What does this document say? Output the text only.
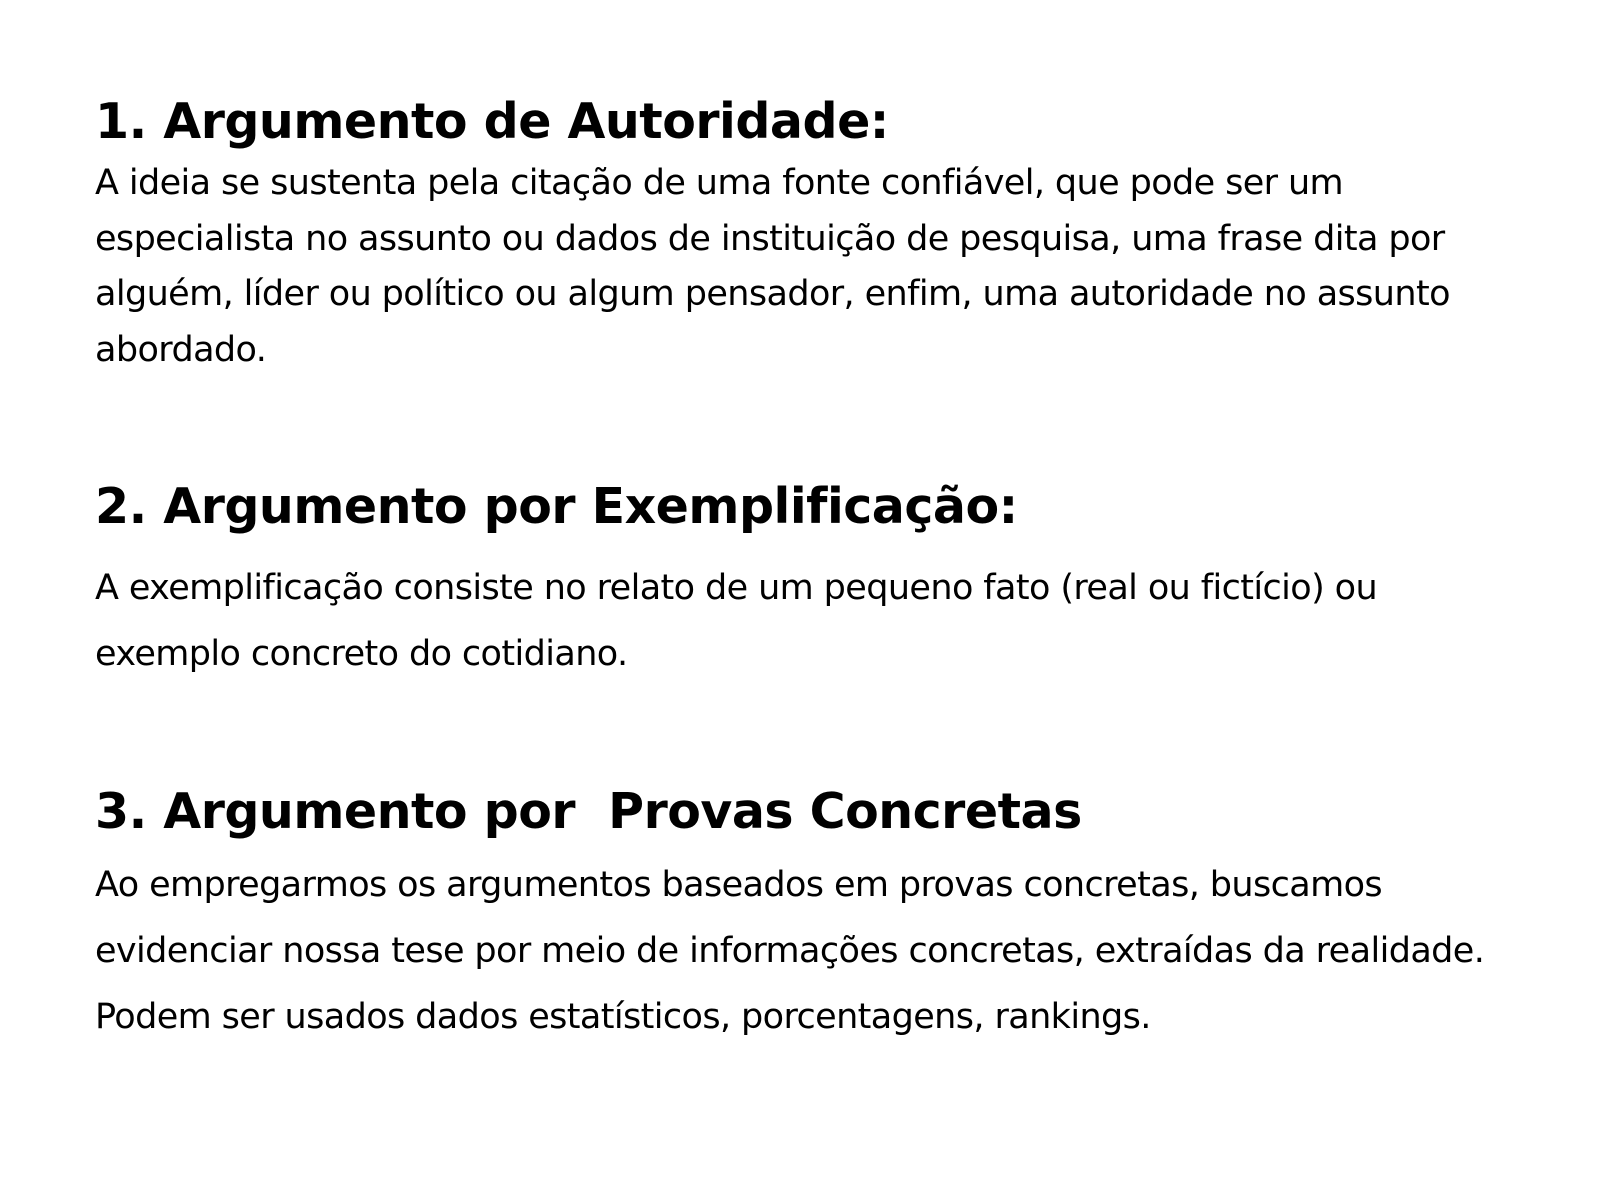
1. Argumento de Autoridade:

A ideia se sustenta pela citação de uma fonte confiável, que pode ser um especialista no assunto ou dados de instituição de pesquisa, uma frase dita por alguém, líder ou político ou algum pensador, enfim, uma autoridade no assunto abordado.

2. Argumento por Exemplificação:

A exemplificação consiste no relato de um pequeno fato (real ou fictício) ou exemplo concreto do cotidiano.

3. Argumento por  Provas Concretas

Ao empregarmos os argumentos baseados em provas concretas, buscamos evidenciar nossa tese por meio de informações concretas, extraídas da realidade. Podem ser usados dados estatísticos, porcentagens, rankings.
